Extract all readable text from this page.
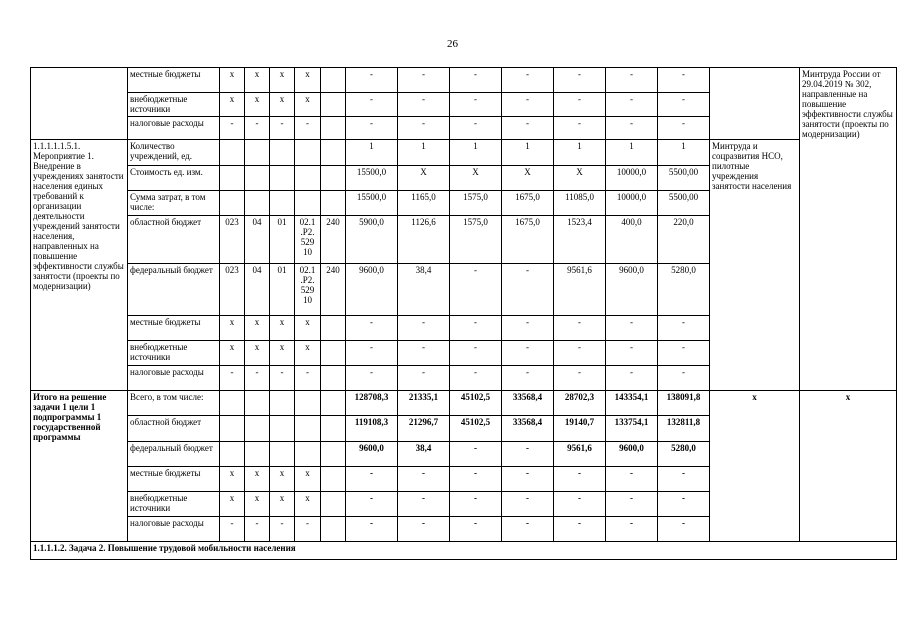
26
	местные бюджеты	x	x	x	x		-	-	-	-	-	-	-		Минтруда России от 29.04.2019 № 302, направленные на повышение эффективности службы занятости (проекты по модернизации)
	внебюджетные источники	x	x	x	x		-	-	-	-	-	-	-		
	налоговые расходы	-	-	-	-		-	-	-	-	-	-	-		
1.1.1.1.1.5.1. Мероприятие 1. Внедрение в учреждениях занятости населения единых требований к организации деятельности учреждений занятости населения, направленных на повышение эффективности службы занятости (проекты по модернизации)	Количество учреждений, ед.						1	1	1	1	1	1	1	Минтруда и соцразвития НСО, пилотные учреждения занятости населения	
	Стоимость ед. изм.						15500,0	X	X	X	X	10000,0	5500,00		
	Сумма затрат, в том числе:						15500,0	1165,0	1575,0	1675,0	11085,0	10000,0	5500,00		
	областной бюджет	023	04	01	02.1 .P2. 529 10	240	5900,0	1126,6	1575,0	1675,0	1523,4	400,0	220,0		
	федеральный бюджет	023	04	01	02.1 .P2. 529 10	240	9600,0	38,4	-	-	9561,6	9600,0	5280,0		
	местные бюджеты	x	x	x	x		-	-	-	-	-	-	-		
	внебюджетные источники	x	x	x	x		-	-	-	-	-	-	-		
	налоговые расходы	-	-	-	-		-	-	-	-	-	-	-		
Итого на решение задачи 1 цели 1 подпрограммы 1 государственной программы	Всего, в том числе:						128708,3	21335,1	45102,5	33568,4	28702,3	143354,1	138091,8	x	x
	областной бюджет						119108,3	21296,7	45102,5	33568,4	19140,7	133754,1	132811,8		
	федеральный бюджет						9600,0	38,4	-	-	9561,6	9600,0	5280,0		
	местные бюджеты	x	x	x	x		-	-	-	-	-	-	-		
	внебюджетные источники	x	x	x	x		-	-	-	-	-	-	-		
	налоговые расходы	-	-	-	-		-	-	-	-	-	-	-		
1.1.1.1.2. Задача 2. Повышение трудовой мобильности населения															
